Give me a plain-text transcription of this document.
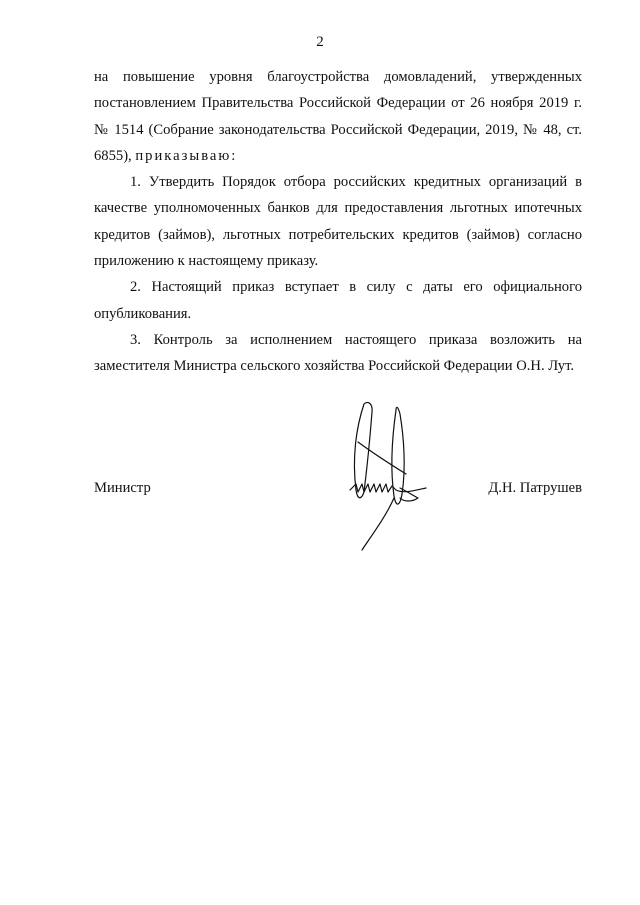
2

на повышение уровня благоустройства домовладений, утвержденных постановлением Правительства Российской Федерации от 26 ноября 2019 г. № 1514 (Собрание законодательства Российской Федерации, 2019, № 48, ст. 6855), приказываю:

1. Утвердить Порядок отбора российских кредитных организаций в качестве уполномоченных банков для предоставления льготных ипотечных кредитов (займов), льготных потребительских кредитов (займов) согласно приложению к настоящему приказу.

2. Настоящий приказ вступает в силу с даты его официального опубликования.

3. Контроль за исполнением настоящего приказа возложить на заместителя Министра сельского хозяйства Российской Федерации О.Н. Лут.

Министр	Д.Н. Патрушев
